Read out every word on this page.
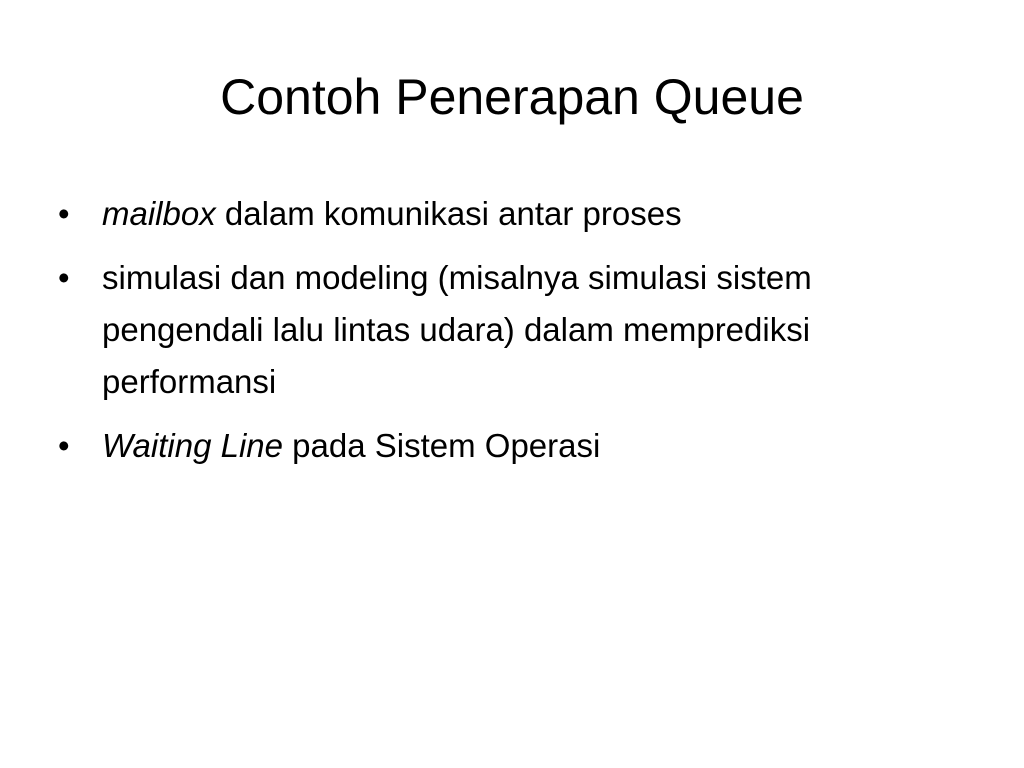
Contoh Penerapan Queue
• mailbox dalam komunikasi antar proses
• simulasi dan modeling (misalnya simulasi sistem pengendali lalu lintas udara) dalam memprediksi performansi
• Waiting Line pada Sistem Operasi
